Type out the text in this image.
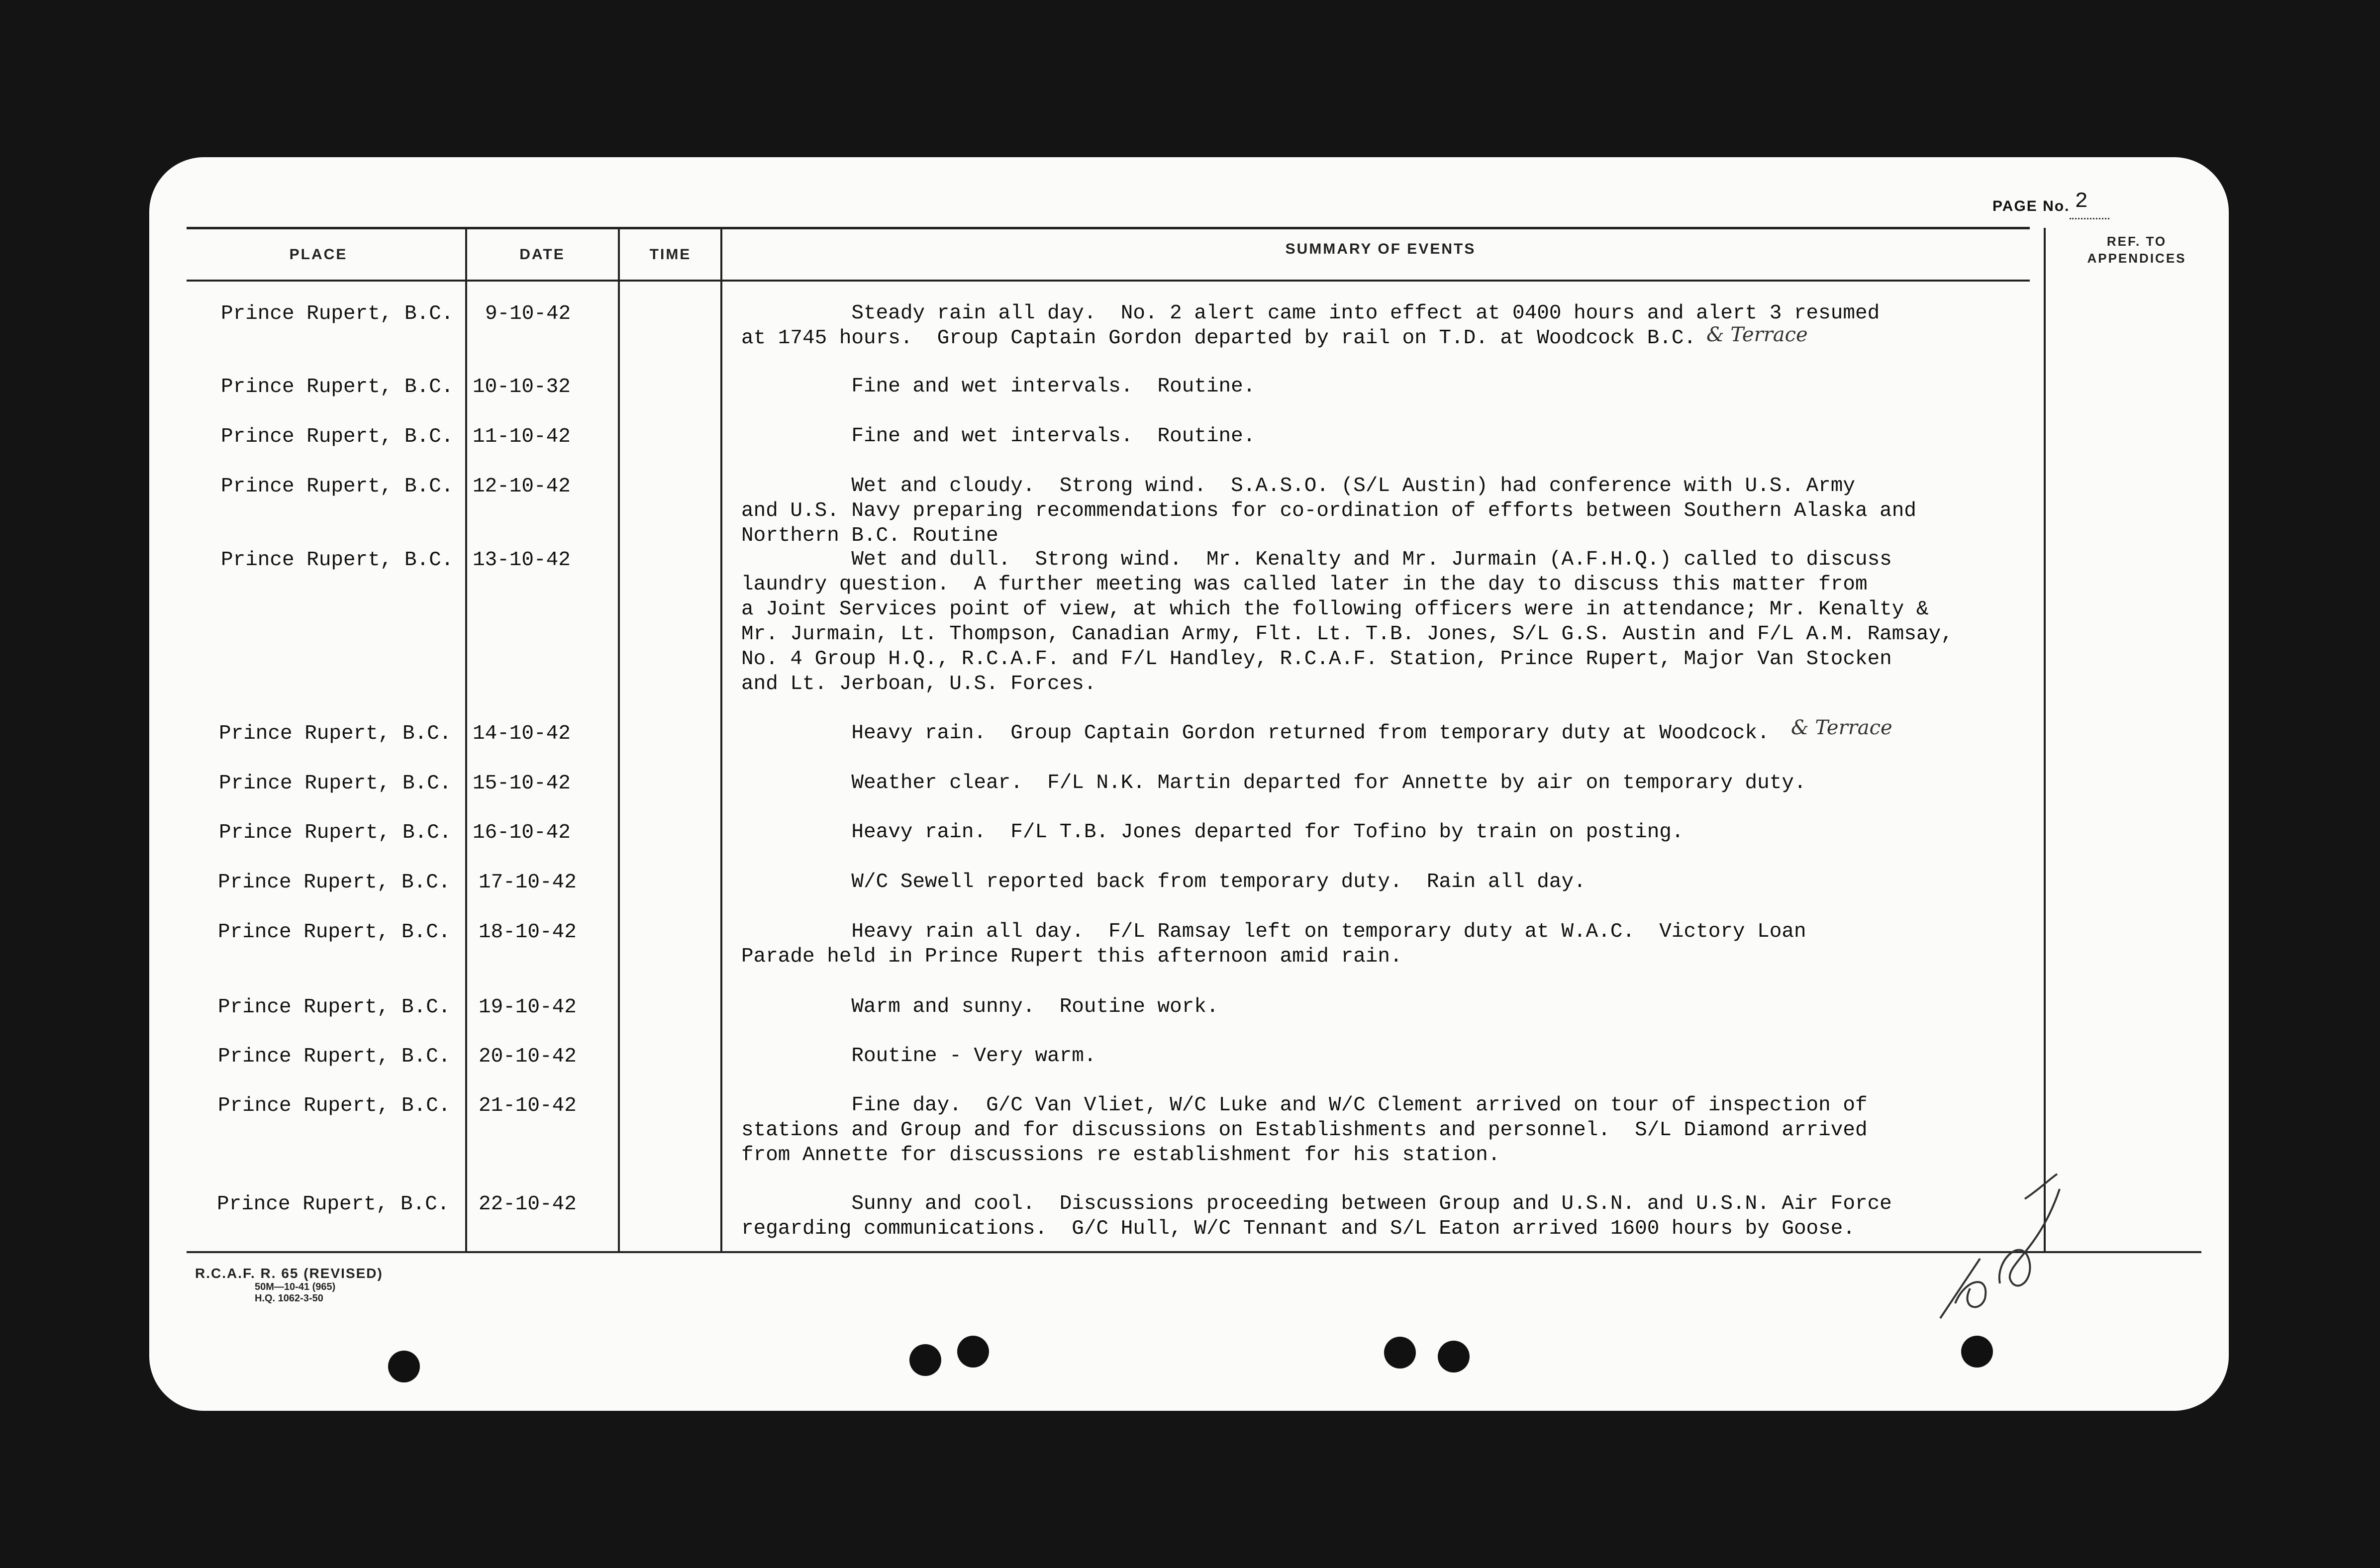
PAGE No. 2
PLACE	DATE	TIME	SUMMARY OF EVENTS	REF. TO
APPENDICES
Prince Rupert, B.C.	9-10-42	Steady rain all day.  No. 2 alert came into effect at 0400 hours and alert 3 resumed
at 1745 hours.  Group Captain Gordon departed by rail on T.D. at Woodcock B.C.
Prince Rupert, B.C. 10-10-32	Fine and wet intervals.  Routine.
Prince Rupert, B.C. 11-10-42	Fine and wet intervals.  Routine.
Prince Rupert, B.C. 12-10-42	Wet and cloudy.  Strong wind.  S.A.S.O. (S/L Austin) had conference with U.S. Army
and U.S. Navy preparing recommendations for co-ordination of efforts between Southern Alaska and
Northern B.C. Routine
Prince Rupert, B.C. 13-10-42	Wet and dull.  Strong wind.  Mr. Kenalty and Mr. Jurmain (A.F.H.Q.) called to discuss
laundry question.  A further meeting was called later in the day to discuss this matter from
a Joint Services point of view, at which the following officers were in attendance; Mr. Kenalty &
Mr. Jurmain, Lt. Thompson, Canadian Army, Flt. Lt. T.B. Jones, S/L G.S. Austin and F/L A.M. Ramsay,
No. 4 Group H.Q., R.C.A.F. and F/L Handley, R.C.A.F. Station, Prince Rupert, Major Van Stocken
and Lt. Jerboan, U.S. Forces.
Prince Rupert, B.C.	14-10-42	Heavy rain.  Group Captain Gordon returned from temporary duty at Woodcock.
Prince Rupert, B.C.	15-10-42	Weather clear.  F/L N.K. Martin departed for Annette by air on temporary duty.
Prince Rupert, B.C.	16-10-42	Heavy rain.  F/L T.B. Jones departed for Tofino by train on posting.
Prince Rupert, B.C.	17-10-42	W/C Sewell reported back from temporary duty.  Rain all day.
Prince Rupert, B.C.	18-10-42	Heavy rain all day.  F/L Ramsay left on temporary duty at W.A.C.  Victory Loan
Parade held in Prince Rupert this afternoon amid rain.
Prince Rupert, B.C.	19-10-42	Warm and sunny.  Routine work.
Prince Rupert, B.C.	20-10-42	Routine - Very warm.
Prince Rupert, B.C.	21-10-42	Fine day.  G/C Van Vliet, W/C Luke and W/C Clement arrived on tour of inspection of
stations and Group and for discussions on Establishments and personnel.  S/L Diamond arrived
from Annette for discussions re establishment for his station.
Prince Rupert, B.C.	22-10-42	Sunny and cool.  Discussions proceeding between Group and U.S.N. and U.S.N. Air Force
regarding communications.  G/C Hull, W/C Tennant and S/L Eaton arrived 1600 hours by Goose.
& Terrace
& Terrace
R.C.A.F. R. 65 (REVISED)
50M—10-41 (965)
H.Q. 1062-3-50
